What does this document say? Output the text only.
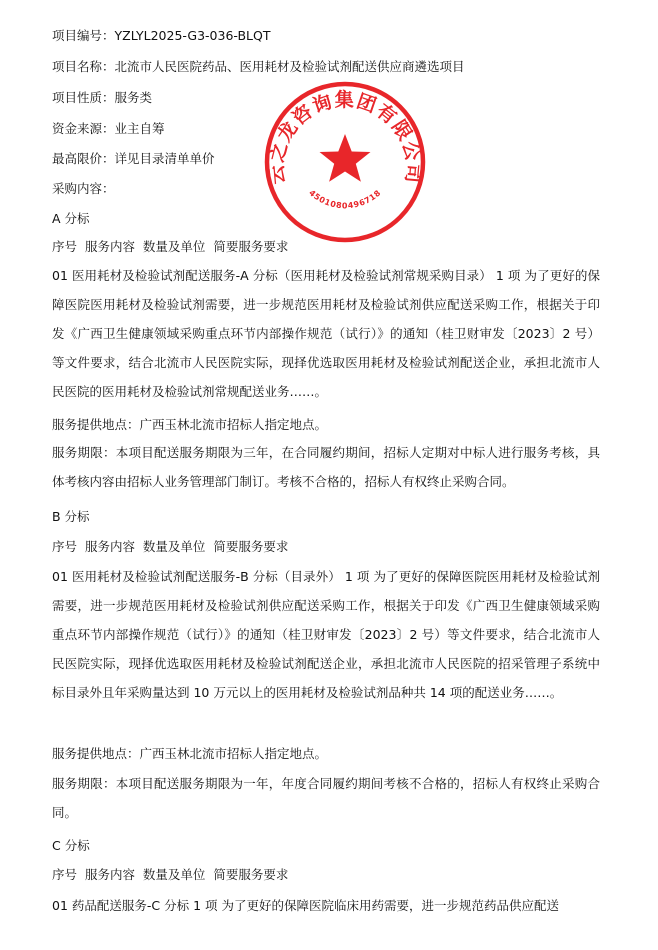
项目编号：YZLYL2025-G3-036-BLQT
项目名称：北流市人民医院药品、医用耗材及检验试剂配送供应商遴选项目
项目性质：服务类
资金来源：业主自筹
最高限价：详见目录清单单价
采购内容：
A 分标
序号  服务内容  数量及单位  简要服务要求
01 医用耗材及检验试剂配送服务-A 分标（医用耗材及检验试剂常规采购目录） 1 项 为了更好的保障医院医用耗材及检验试剂需要，进一步规范医用耗材及检验试剂供应配送采购工作，根据关于印发《广西卫生健康领域采购重点环节内部操作规范（试行）》的通知（桂卫财审发〔2023〕2 号）等文件要求，结合北流市人民医院实际，现择优选取医用耗材及检验试剂配送企业，承担北流市人民医院的医用耗材及检验试剂常规配送业务……。
服务提供地点：广西玉林北流市招标人指定地点。
服务期限：本项目配送服务期限为三年，在合同履约期间，招标人定期对中标人进行服务考核，具体考核内容由招标人业务管理部门制订。考核不合格的，招标人有权终止采购合同。
B 分标
序号  服务内容  数量及单位  简要服务要求
01 医用耗材及检验试剂配送服务-B 分标（目录外） 1 项 为了更好的保障医院医用耗材及检验试剂需要，进一步规范医用耗材及检验试剂供应配送采购工作，根据关于印发《广西卫生健康领域采购重点环节内部操作规范（试行）》的通知（桂卫财审发〔2023〕2 号）等文件要求，结合北流市人民医院实际，现择优选取医用耗材及检验试剂配送企业，承担北流市人民医院的招采管理子系统中标目录外且年采购量达到 10 万元以上的医用耗材及检验试剂品种共 14 项的配送业务……。
服务提供地点：广西玉林北流市招标人指定地点。
服务期限：本项目配送服务期限为一年，年度合同履约期间考核不合格的，招标人有权终止采购合同。
C 分标
序号  服务内容  数量及单位  简要服务要求
01 药品配送服务-C 分标 1 项 为了更好的保障医院临床用药需要，进一步规范药品供应配送
云之龙咨询集团有限公司
4501080496718
